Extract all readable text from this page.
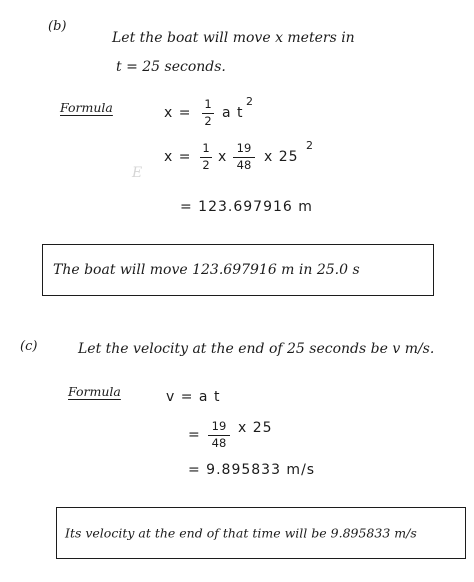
(b)
Let the boat will move x meters in
t = 25 seconds.
Formula	x =
1
2 a t
2
x =
1
2 x
19
48 x 25
2
E
= 123.697916 m
The boat will move 123.697916 m in 25.0 s
(c)	Let the velocity at the end of 25 seconds be v m/s.
Formula	v = a t
=
19
48
x 25
= 9.895833 m/s
Its velocity at the end of that time will be 9.895833 m/s
